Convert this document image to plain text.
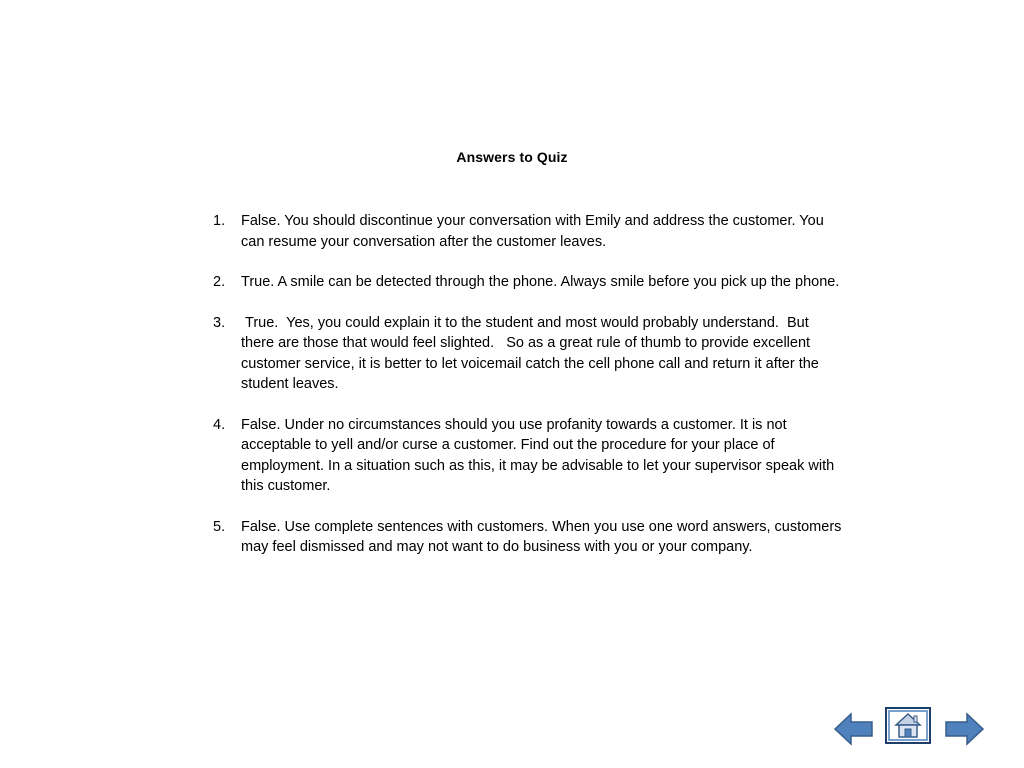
Answers to Quiz
1. False. You should discontinue your conversation with Emily and address the customer. You can resume your conversation after the customer leaves.
2. True. A smile can be detected through the phone. Always smile before you pick up the phone.
3. True.  Yes, you could explain it to the student and most would probably understand.  But there are those that would feel slighted.   So as a great rule of thumb to provide excellent customer service, it is better to let voicemail catch the cell phone call and return it after the student leaves.
4. False. Under no circumstances should you use profanity towards a customer. It is not acceptable to yell and/or curse a customer. Find out the procedure for your place of employment. In a situation such as this, it may be advisable to let your supervisor speak with this customer.
5. False. Use complete sentences with customers. When you use one word answers, customers may feel dismissed and may not want to do business with you or your company.
